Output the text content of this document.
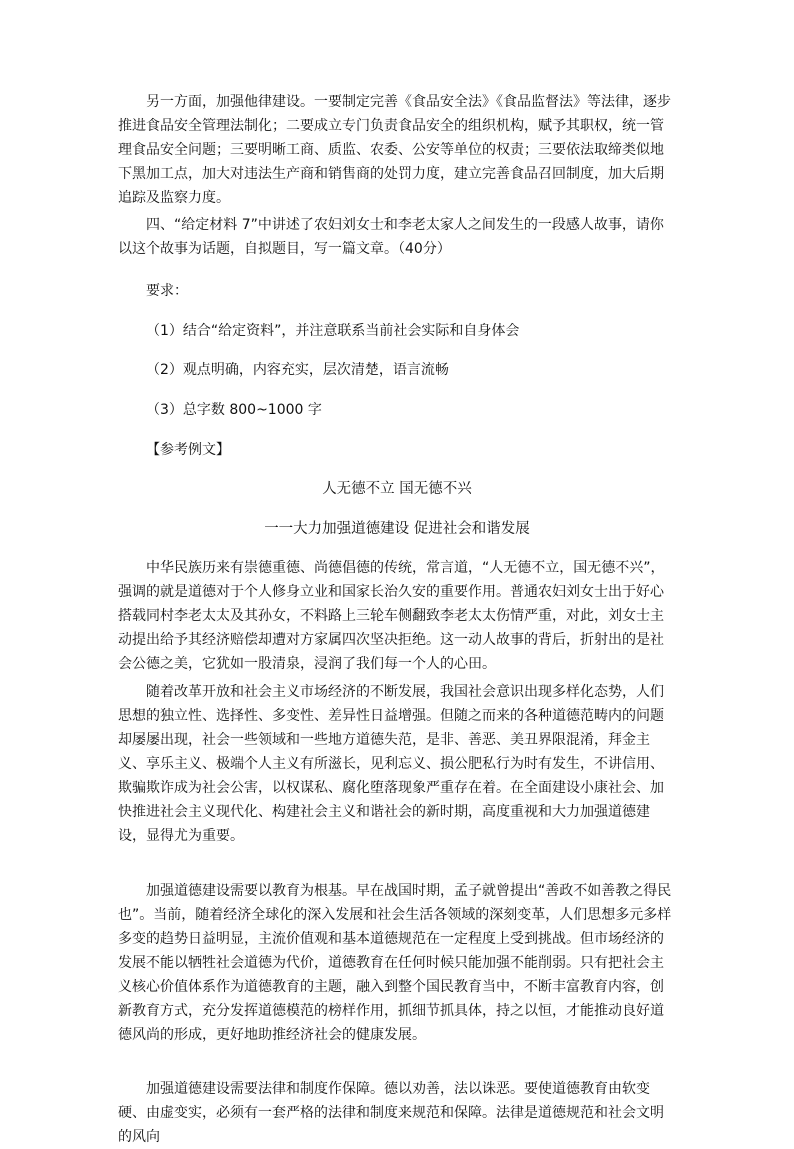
另一方面，加强他律建设。一要制定完善《食品安全法》《食品监督法》等法律，逐步推进食品安全管理法制化；二要成立专门负责食品安全的组织机构，赋予其职权，统一管理食品安全问题；三要明晰工商、质监、农委、公安等单位的权责；三要依法取缔类似地下黑加工点，加大对违法生产商和销售商的处罚力度，建立完善食品召回制度，加大后期追踪及监察力度。

四、“给定材料 7”中讲述了农妇刘女士和李老太家人之间发生的一段感人故事，请你以这个故事为话题，自拟题目，写一篇文章。（40分）

要求：

（1）结合“给定资料”，并注意联系当前社会实际和自身体会

（2）观点明确，内容充实，层次清楚，语言流畅

（3）总字数 800~1000 字

【参考例文】

人无德不立 国无德不兴

一一大力加强道德建设 促进社会和谐发展

中华民族历来有崇德重德、尚德倡德的传统，常言道，“人无德不立，国无德不兴”，强调的就是道德对于个人修身立业和国家长治久安的重要作用。普通农妇刘女士出于好心搭载同村李老太太及其孙女，不料路上三轮车侧翻致李老太太伤情严重，对此，刘女士主动提出给予其经济赔偿却遭对方家属四次坚决拒绝。这一动人故事的背后，折射出的是社会公德之美，它犹如一股清泉，浸润了我们每一个人的心田。

随着改革开放和社会主义市场经济的不断发展，我国社会意识出现多样化态势，人们思想的独立性、选择性、多变性、差异性日益增强。但随之而来的各种道德范畴内的问题却屡屡出现，社会一些领域和一些地方道德失范，是非、善恶、美丑界限混淆，拜金主义、享乐主义、极端个人主义有所滋长，见利忘义、损公肥私行为时有发生，不讲信用、欺骗欺诈成为社会公害，以权谋私、腐化堕落现象严重存在着。在全面建设小康社会、加快推进社会主义现代化、构建社会主义和谐社会的新时期，高度重视和大力加强道德建设，显得尤为重要。

加强道德建设需要以教育为根基。早在战国时期，孟子就曾提出“善政不如善教之得民也”。当前，随着经济全球化的深入发展和社会生活各领域的深刻变革，人们思想多元多样多变的趋势日益明显，主流价值观和基本道德规范在一定程度上受到挑战。但市场经济的发展不能以牺牲社会道德为代价，道德教育在任何时候只能加强不能削弱。只有把社会主义核心价值体系作为道德教育的主题，融入到整个国民教育当中，不断丰富教育内容，创新教育方式，充分发挥道德模范的榜样作用，抓细节抓具体，持之以恒，才能推动良好道德风尚的形成，更好地助推经济社会的健康发展。

加强道德建设需要法律和制度作保障。德以劝善，法以诛恶。要使道德教育由软变硬、由虚变实，必须有一套严格的法律和制度来规范和保障。法律是道德规范和社会文明的风向
